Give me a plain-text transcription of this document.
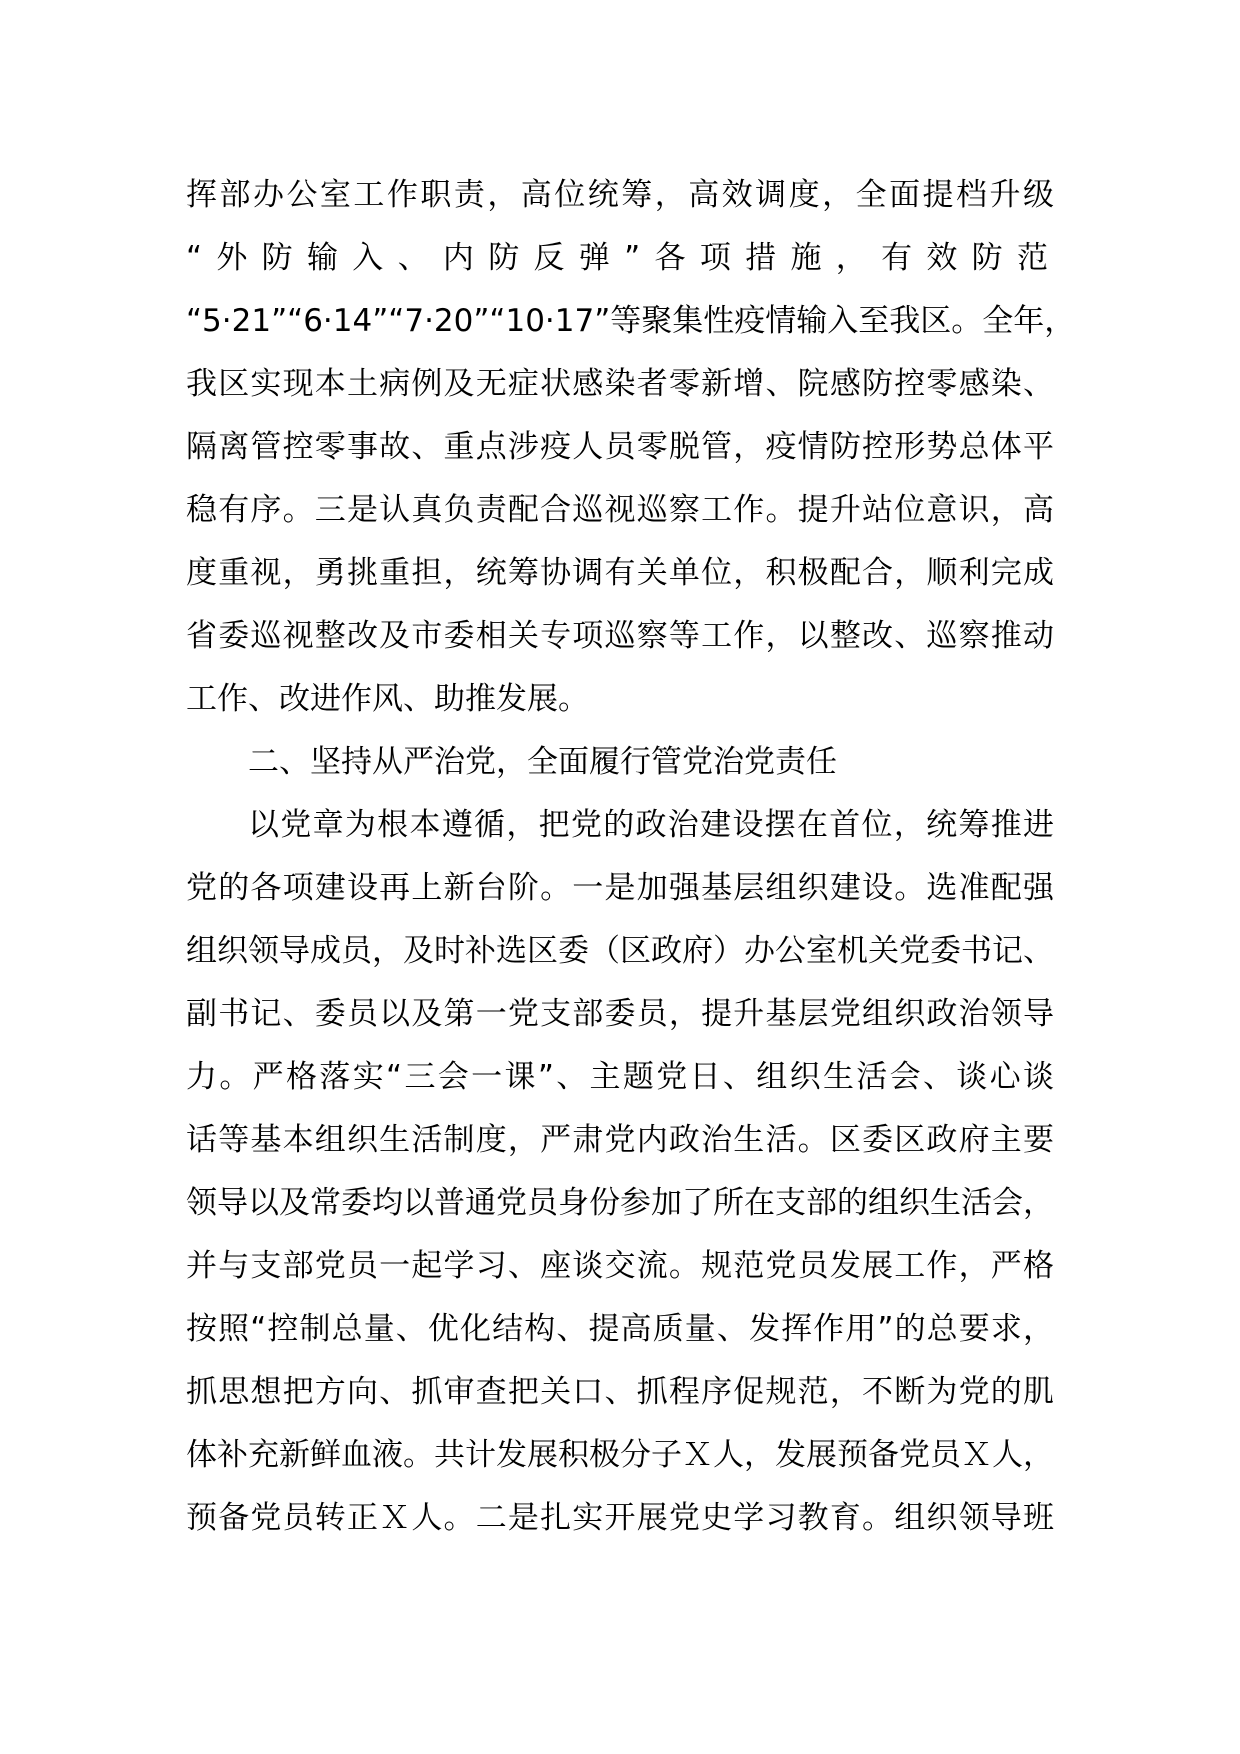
挥部办公室工作职责，高位统筹，高效调度，全面提档升级
“外防输入、内防反弹”各项措施，有效防范
“5·21”“6·14”“7·20”“10·17”等聚集性疫情输入至我区。全年，
我区实现本土病例及无症状感染者零新增、院感防控零感染、
隔离管控零事故、重点涉疫人员零脱管，疫情防控形势总体平
稳有序。三是认真负责配合巡视巡察工作。提升站位意识，高
度重视，勇挑重担，统筹协调有关单位，积极配合，顺利完成
省委巡视整改及市委相关专项巡察等工作，以整改、巡察推动
工作、改进作风、助推发展。
二、坚持从严治党，全面履行管党治党责任
以党章为根本遵循，把党的政治建设摆在首位，统筹推进
党的各项建设再上新台阶。一是加强基层组织建设。选准配强
组织领导成员，及时补选区委（区政府）办公室机关党委书记、
副书记、委员以及第一党支部委员，提升基层党组织政治领导
力。严格落实“三会一课”、主题党日、组织生活会、谈心谈
话等基本组织生活制度，严肃党内政治生活。区委区政府主要
领导以及常委均以普通党员身份参加了所在支部的组织生活会，
并与支部党员一起学习、座谈交流。规范党员发展工作，严格
按照“控制总量、优化结构、提高质量、发挥作用”的总要求，
抓思想把方向、抓审查把关口、抓程序促规范，不断为党的肌
体补充新鲜血液。共计发展积极分子Ｘ人，发展预备党员Ｘ人，
预备党员转正Ｘ人。二是扎实开展党史学习教育。组织领导班
